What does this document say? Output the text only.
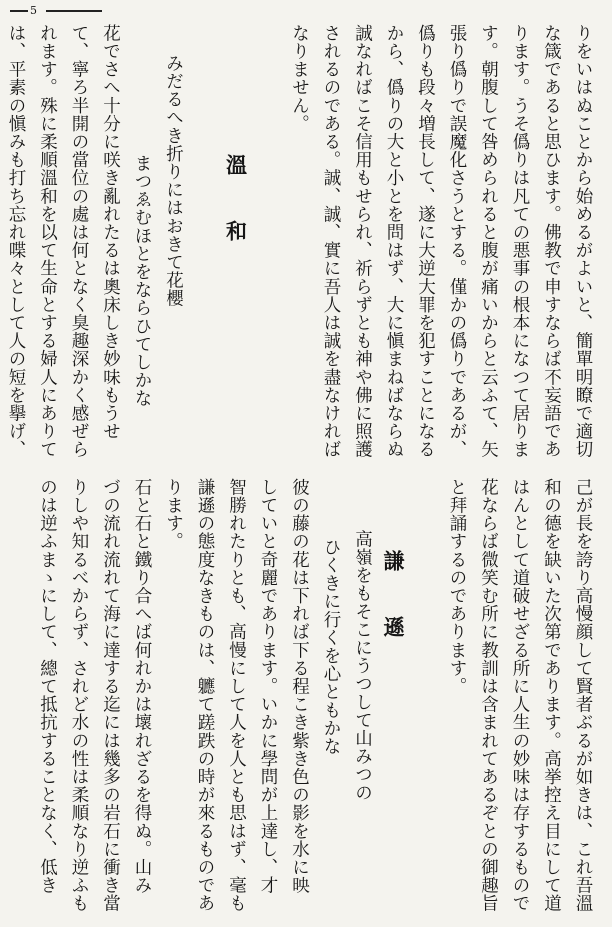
5
りをいはぬことから始めるがよいと、簡單明瞭で適切
な箴であると思ひます。佛教で申すならば不妄語であ
ります。うそ僞りは凡ての悪事の根本になつて居りま
す。朝腹して咎められると腹が痛いからと云ふて、矢
張り僞りで誤魔化さうとする。僅かの僞りであるが、
僞りも段々増長して、遂に大逆大罪を犯すことになる
から、僞りの大と小とを問はず、大に愼まねばならぬ
誠なればこそ信用もせられ、祈らずとも神や佛に照護
されるのである。誠、誠、實に吾人は誠を盡なければ
なりません。

溫　和

みだるへき折りにはおきて花櫻
まつゑむほとをならひてしかな
花でさへ十分に咲き亂れたるは奧床しき妙味もうせ
て、寧ろ半開の當位の處は何となく臭趣深かく感ぜら
れます。殊に柔順溫和を以て生命とする婦人にありて
は、平素の愼みも打ち忘れ喋々として人の短を擧げ、
己が長を誇り高慢顔して賢者ぶるが如きは、これ吾溫
和の德を缺いた次第であります。高挙控え目にして道
はんとして道破せざる所に人生の妙味は存するもので
花ならば微笑む所に教訓は含まれてあるぞとの御趣旨
と拜誦するのであります。

謙　遜
高嶺をもそこにうつして山みつの
ひくきに行くを心ともかな
彼の藤の花は下れば下る程こき紫き色の影を水に映
していと奇麗であります。いかに學問が上達し、才
智勝れたりとも、高慢にして人を人とも思はず、毫も
謙遜の態度なきものは、軈て蹉跌の時が來るものであ
ります。
石と石と鐵り合へば何れかは壞れざるを得ぬ。山み
づの流れ流れて海に達する迄には幾多の岩石に衝き當
りしや知るべからず、されど水の性は柔順なり逆ふも
のは逆ふまゝにして、總て抵抗することなく、低き
